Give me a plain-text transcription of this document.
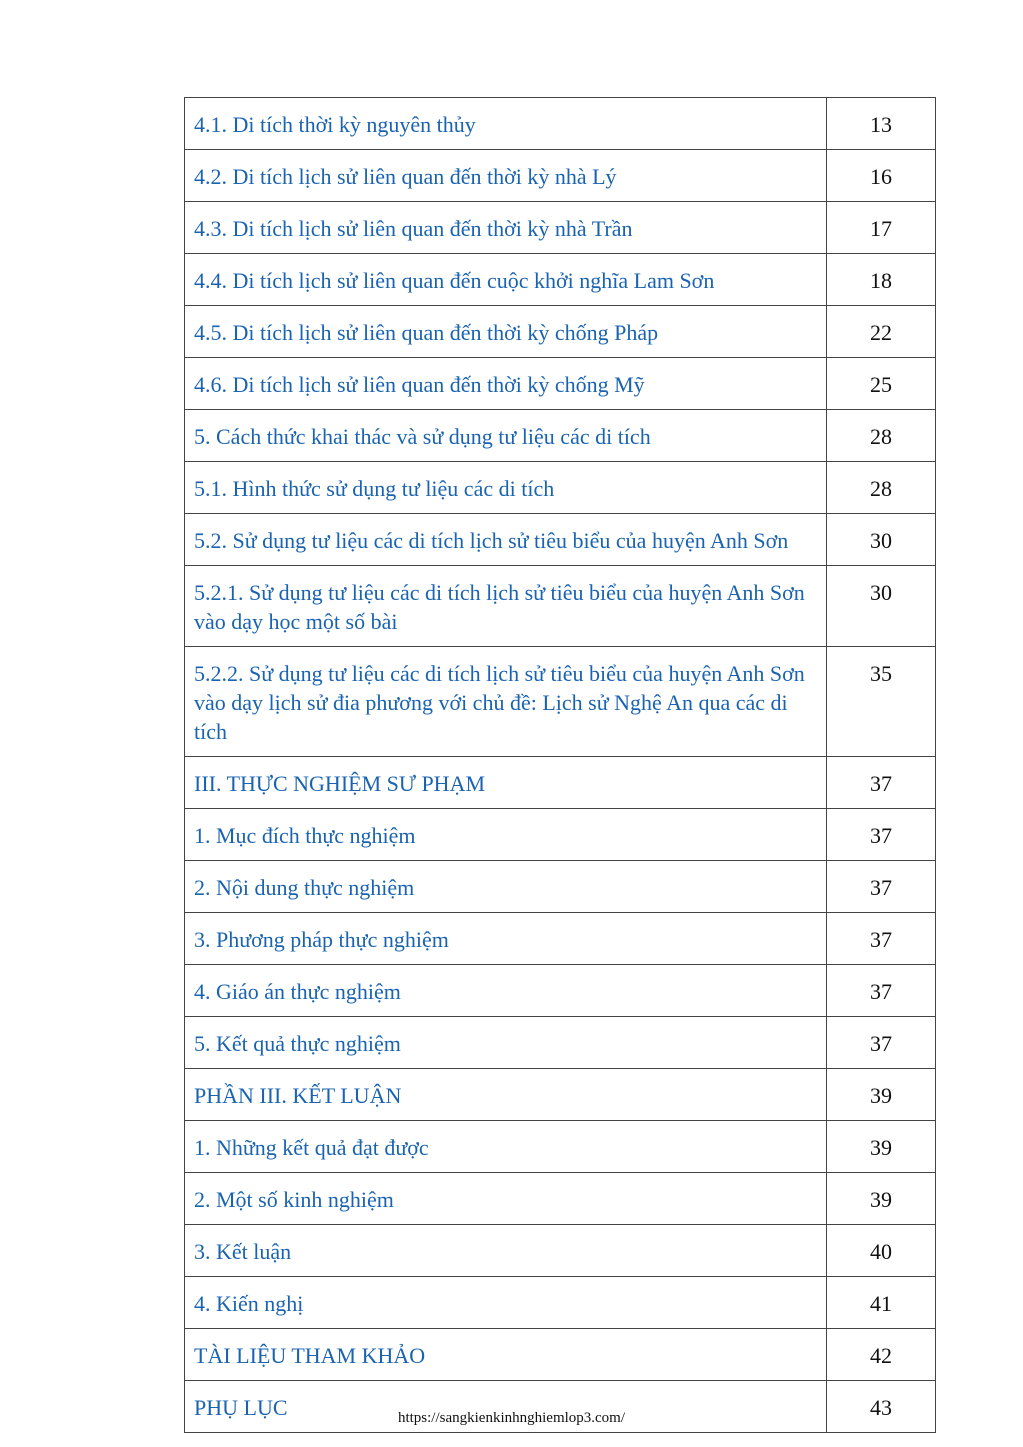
4.1. Di tích thời kỳ nguyên thủy	13
4.2. Di tích lịch sử liên quan đến thời kỳ nhà Lý	16
4.3. Di tích lịch sử liên quan đến thời kỳ nhà Trần	17
4.4. Di tích lịch sử liên quan đến cuộc khởi nghĩa Lam Sơn	18
4.5. Di tích lịch sử liên quan đến thời kỳ chống Pháp	22
4.6. Di tích lịch sử liên quan đến thời kỳ chống Mỹ	25
5. Cách thức khai thác và sử dụng tư liệu các di tích	28
5.1. Hình thức sử dụng tư liệu các di tích	28
5.2. Sử dụng tư liệu các di tích lịch sử tiêu biểu của huyện Anh Sơn	30
5.2.1. Sử dụng tư liệu các di tích lịch sử tiêu biểu của huyện Anh Sơn vào dạy học một số bài	30
5.2.2. Sử dụng tư liệu các di tích lịch sử tiêu biểu của huyện Anh Sơn vào dạy lịch sử đia phương với chủ đề: Lịch sử Nghệ An qua các di tích	35
III. THỰC NGHIỆM SƯ PHẠM	37
1. Mục đích thực nghiệm	37
2. Nội dung thực nghiệm	37
3. Phương pháp thực nghiệm	37
4. Giáo án thực nghiệm	37
5. Kết quả thực nghiệm	37
PHẦN III. KẾT LUẬN	39
1. Những kết quả đạt được	39
2. Một số kinh nghiệm	39
3. Kết luận	40
4. Kiến nghị	41
TÀI LIỆU THAM KHẢO	42
PHỤ LỤC	43
https://sangkienkinhnghiemlop3.com/
